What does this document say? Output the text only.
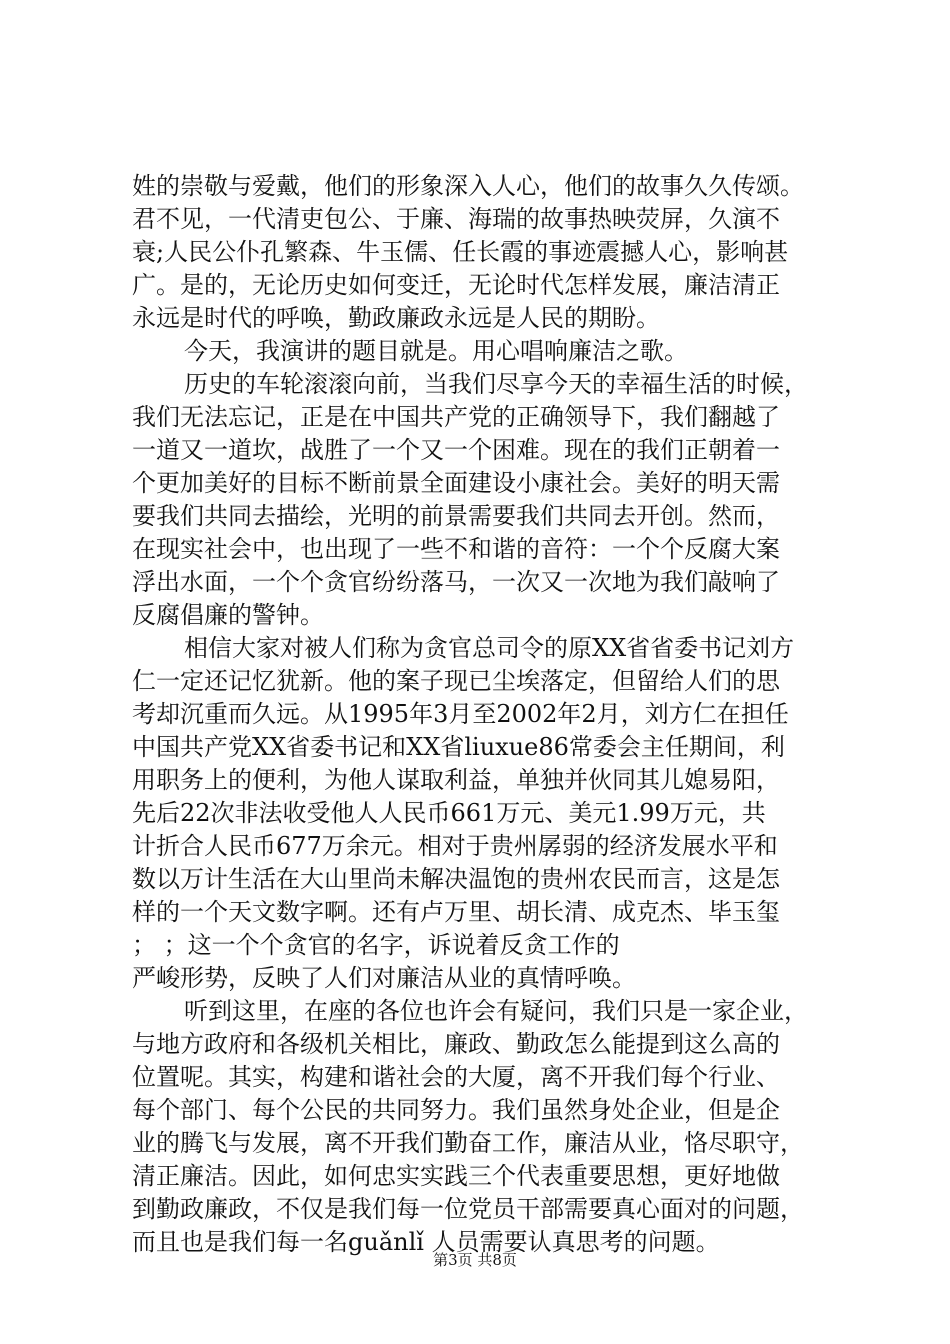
姓的崇敬与爱戴，他们的形象深入人心，他们的故事久久传颂。
君不见，一代清吏包公、于廉、海瑞的故事热映荧屏，久演不
衰;人民公仆孔繁森、牛玉儒、任长霞的事迹震撼人心，影响甚
广。是的，无论历史如何变迁，无论时代怎样发展，廉洁清正
永远是时代的呼唤，勤政廉政永远是人民的期盼。
今天，我演讲的题目就是。用心唱响廉洁之歌。
历史的车轮滚滚向前，当我们尽享今天的幸福生活的时候，
我们无法忘记，正是在中国共产党的正确领导下，我们翻越了
一道又一道坎，战胜了一个又一个困难。现在的我们正朝着一
个更加美好的目标不断前景全面建设小康社会。美好的明天需
要我们共同去描绘，光明的前景需要我们共同去开创。然而，
在现实社会中，也出现了一些不和谐的音符：一个个反腐大案
浮出水面，一个个贪官纷纷落马，一次又一次地为我们敲响了
反腐倡廉的警钟。
相信大家对被人们称为贪官总司令的原XX省省委书记刘方
仁一定还记忆犹新。他的案子现已尘埃落定，但留给人们的思
考却沉重而久远。从1995年3月至2002年2月，刘方仁在担任
中国共产党XX省委书记和XX省liuxue86常委会主任期间，利
用职务上的便利，为他人谋取利益，单独并伙同其儿媳易阳，
先后22次非法收受他人人民币661万元、美元1.99万元，共
计折合人民币677万余元。相对于贵州孱弱的经济发展水平和
数以万计生活在大山里尚未解决温饱的贵州农民而言，这是怎
样的一个天文数字啊。还有卢万里、胡长清、成克杰、毕玉玺
； ；这一个个贪官的名字，诉说着反贪工作的
严峻形势，反映了人们对廉洁从业的真情呼唤。
听到这里，在座的各位也许会有疑问，我们只是一家企业，
与地方政府和各级机关相比，廉政、勤政怎么能提到这么高的
位置呢。其实，构建和谐社会的大厦，离不开我们每个行业、
每个部门、每个公民的共同努力。我们虽然身处企业，但是企
业的腾飞与发展，离不开我们勤奋工作，廉洁从业，恪尽职守，
清正廉洁。因此，如何忠实实践三个代表重要思想，更好地做
到勤政廉政，不仅是我们每一位党员干部需要真心面对的问题，
而且也是我们每一名guǎnlǐ 人员需要认真思考的问题。
第3页 共8页
